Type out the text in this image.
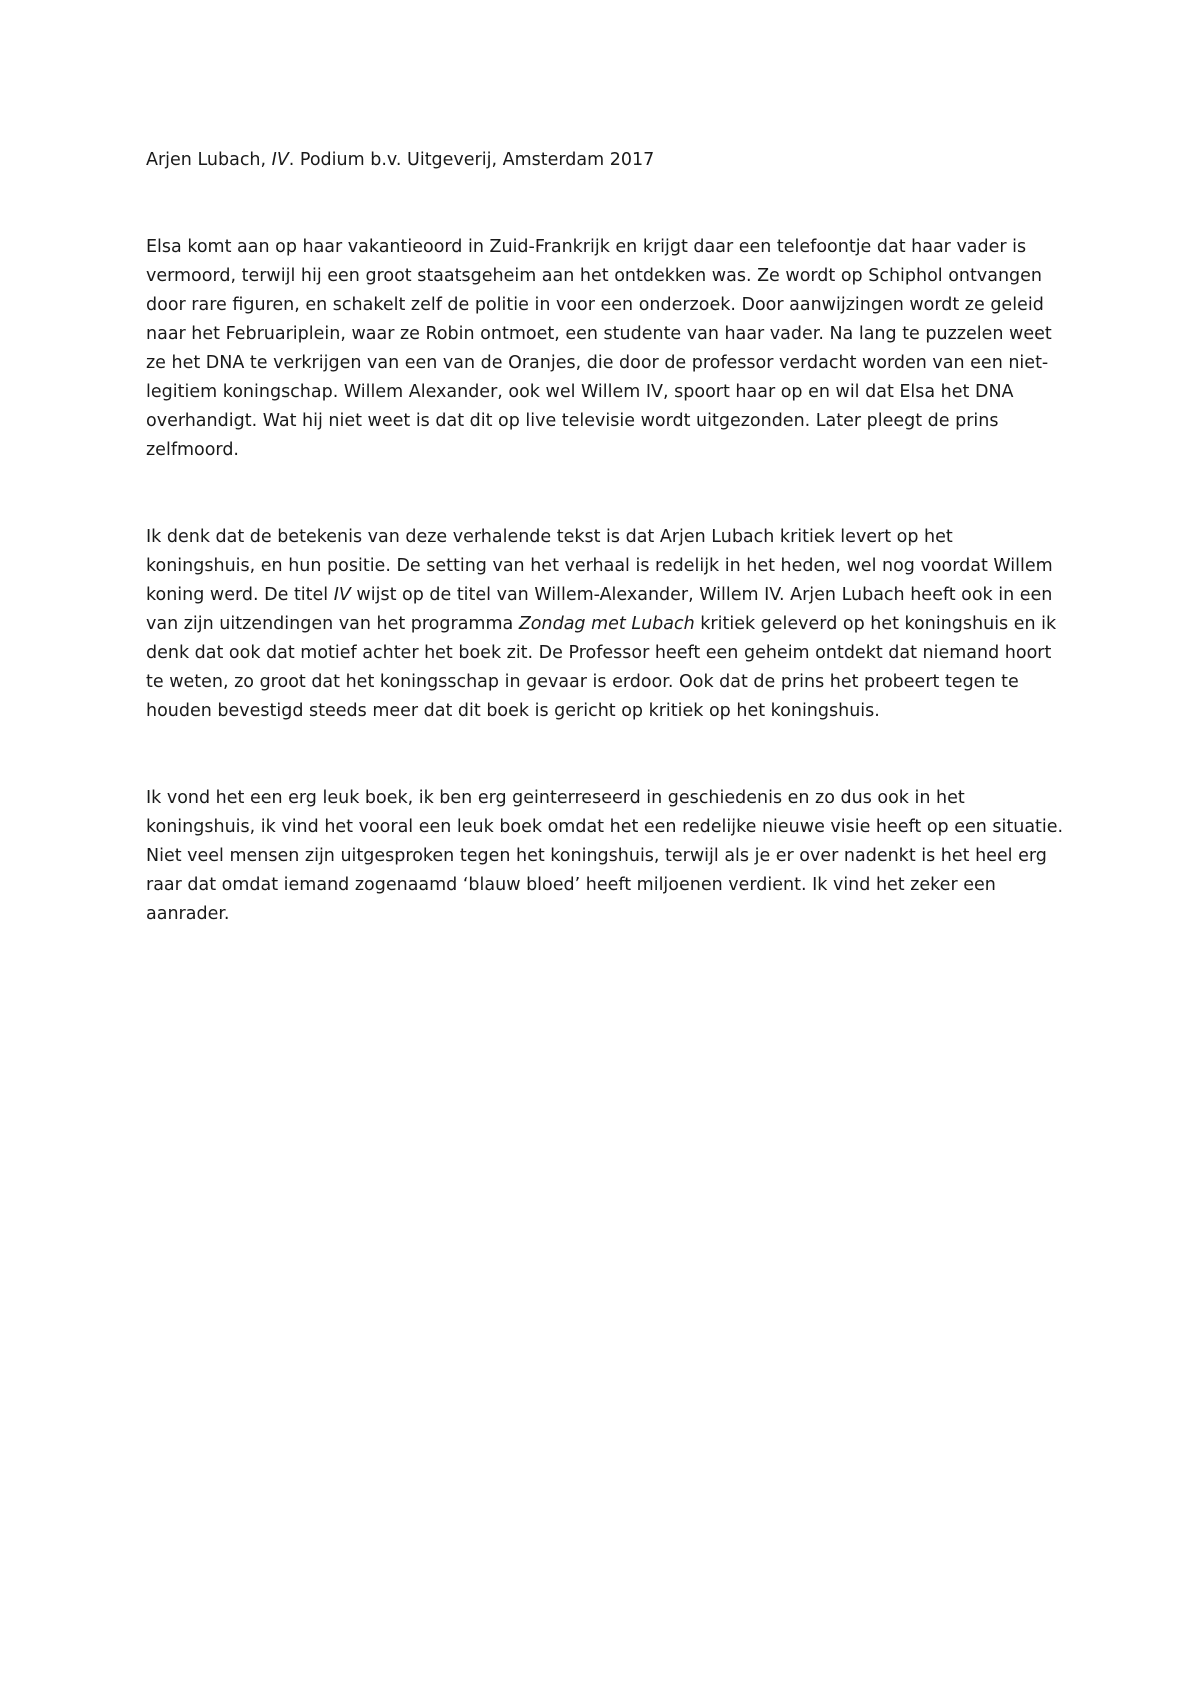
Arjen Lubach, IV. Podium b.v. Uitgeverij, Amsterdam 2017

Elsa komt aan op haar vakantieoord in Zuid-Frankrijk en krijgt daar een telefoontje dat haar vader is vermoord, terwijl hij een groot staatsgeheim aan het ontdekken was. Ze wordt op Schiphol ontvangen door rare figuren, en schakelt zelf de politie in voor een onderzoek. Door aanwijzingen wordt ze geleid naar het Februariplein, waar ze Robin ontmoet, een studente van haar vader. Na lang te puzzelen weet ze het DNA te verkrijgen van een van de Oranjes, die door de professor verdacht worden van een niet-legitiem koningschap. Willem Alexander, ook wel Willem IV, spoort haar op en wil dat Elsa het DNA overhandigt. Wat hij niet weet is dat dit op live televisie wordt uitgezonden. Later pleegt de prins zelfmoord.

Ik denk dat de betekenis van deze verhalende tekst is dat Arjen Lubach kritiek levert op het koningshuis, en hun positie. De setting van het verhaal is redelijk in het heden, wel nog voordat Willem koning werd. De titel IV wijst op de titel van Willem-Alexander, Willem IV. Arjen Lubach heeft ook in een van zijn uitzendingen van het programma Zondag met Lubach kritiek geleverd op het koningshuis en ik denk dat ook dat motief achter het boek zit. De Professor heeft een geheim ontdekt dat niemand hoort te weten, zo groot dat het koningsschap in gevaar is erdoor. Ook dat de prins het probeert tegen te houden bevestigd steeds meer dat dit boek is gericht op kritiek op het koningshuis.

Ik vond het een erg leuk boek, ik ben erg geinterreseerd in geschiedenis en zo dus ook in het koningshuis, ik vind het vooral een leuk boek omdat het een redelijke nieuwe visie heeft op een situatie. Niet veel mensen zijn uitgesproken tegen het koningshuis, terwijl als je er over nadenkt is het heel erg raar dat omdat iemand zogenaamd ‘blauw bloed’ heeft miljoenen verdient. Ik vind het zeker een aanrader.
